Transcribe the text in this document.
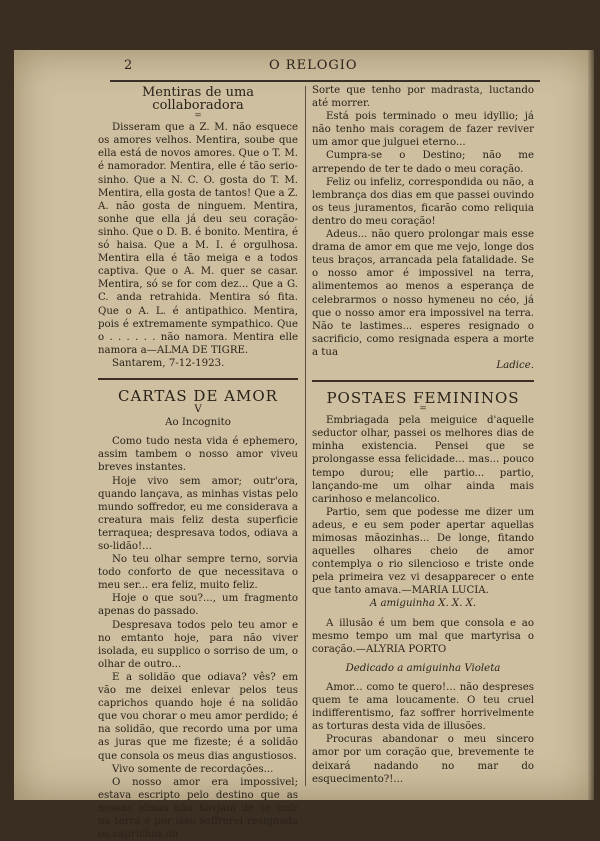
2	O RELOGIO
Mentiras de uma collaboradora
=

Disseram que a Z. M. não esquece os amores velhos. Mentira, soube que ella está de novos amores. Que o T. M. é namorador. Mentira, elle é tão serio-sinho. Que a N. C. O. gosta do T. M. Mentira, ella gosta de tantos! Que a Z. A. não gosta de ninguem. Mentira, sonhe que ella já deu seu coração-sinho. Que o D. B. é bonito. Mentira, é só haisa. Que a M. I. é orgulhosa. Mentira ella é tão meiga e a todos captiva. Que o A. M. quer se casar. Mentira, só se for com dez... Que a G. C. anda retrahida. Mentira só fita. Que o A. L. é antipathico. Mentira, pois é extremamente sympathico. Que o . . . . . . não namora. Mentira elle namora a—ALMA DE TIGRE.

Santarem, 7-12-1923.

CARTAS DE AMOR
V
Ao Incognito

Como tudo nesta vida é ephemero, assim tambem o nosso amor viveu breves instantes.

Hoje vivo sem amor; outr'ora, quando lançava, as minhas vistas pelo mundo soffredor, eu me considerava a creatura mais feliz desta superficie terraquea; despresava todos, odiava a so-lidão!...

No teu olhar sempre terno, sorvia todo conforto de que necessitava o meu ser... era feliz, muito feliz.

Hoje o que sou?..., um fragmento apenas do passado.

Despresava todos pelo teu amor e no emtanto hoje, para não viver isolada, eu supplico o sorriso de um, o olhar de outro...

E a solidão que odiava? vês? em vão me deixei enlevar pelos teus caprichos quando hoje é na solidão que vou chorar o meu amor perdido; é na solidão, que recordo uma por uma as juras que me fizeste; é a solidão que consola os meus dias angustiosos.

Vivo somente de recordações...

O nosso amor era impossivel; estava escripto pelo destino que as nossas almas não havjam de se unir na terra e por isso soffrerei resignada os caprichos da

Sorte que tenho por madrasta, luctando até morrer.

Está pois terminado o meu idyllio; já não tenho mais coragem de fazer reviver um amor que julguei eterno...

Cumpra-se o Destino; não me arrependo de ter te dado o meu coração.

Feliz ou infeliz, correspondida ou não, a lembrança dos dias em que passei ouvindo os teus juramentos, ficarão como reliquia dentro do meu coração!

Adeus... não quero prolongar mais esse drama de amor em que me vejo, longe dos teus braços, arrancada pela fatalidade. Se o nosso amor é impossivel na terra, alimentemos ao menos a esperança de celebrarmos o nosso hymeneu no céo, já que o nosso amor era impossivel na terra. Não te lastimes... esperes resignado o sacrificio, como resignada espera a morte a tua

Ladice.
POSTAES FEMININOS
=

Embriagada pela meiguice d'aquelle seductor olhar, passei os melhores dias de minha existencia. Pensei que se prolongasse essa felicidade... mas... pouco tempo durou; elle partio... partio, lançando-me um olhar ainda mais carinhoso e melancolico.

Partio, sem que podesse me dizer um adeus, e eu sem poder apertar aquellas mimosas mãozinhas... De longe, fitando aquelles olhares cheio de amor contemplya o rio silencioso e triste onde pela primeira vez vi desapparecer o ente que tanto amava.—MARIA LUCIA.

A amiguinha X. X. X.

A illusão é um bem que consola e ao mesmo tempo um mal que martyrisa o coração.—ALYRIA PORTO

Dedicado a amiguinha Violeta

Amor... como te quero!... não despreses quem te ama loucamente. O teu cruel indifferentismo, faz soffrer horrivelmente as torturas desta vida de illusões.

Procuras abandonar o meu sincero amor por um coração que, brevemente te deixará nadando no mar do esquecimento?!...
